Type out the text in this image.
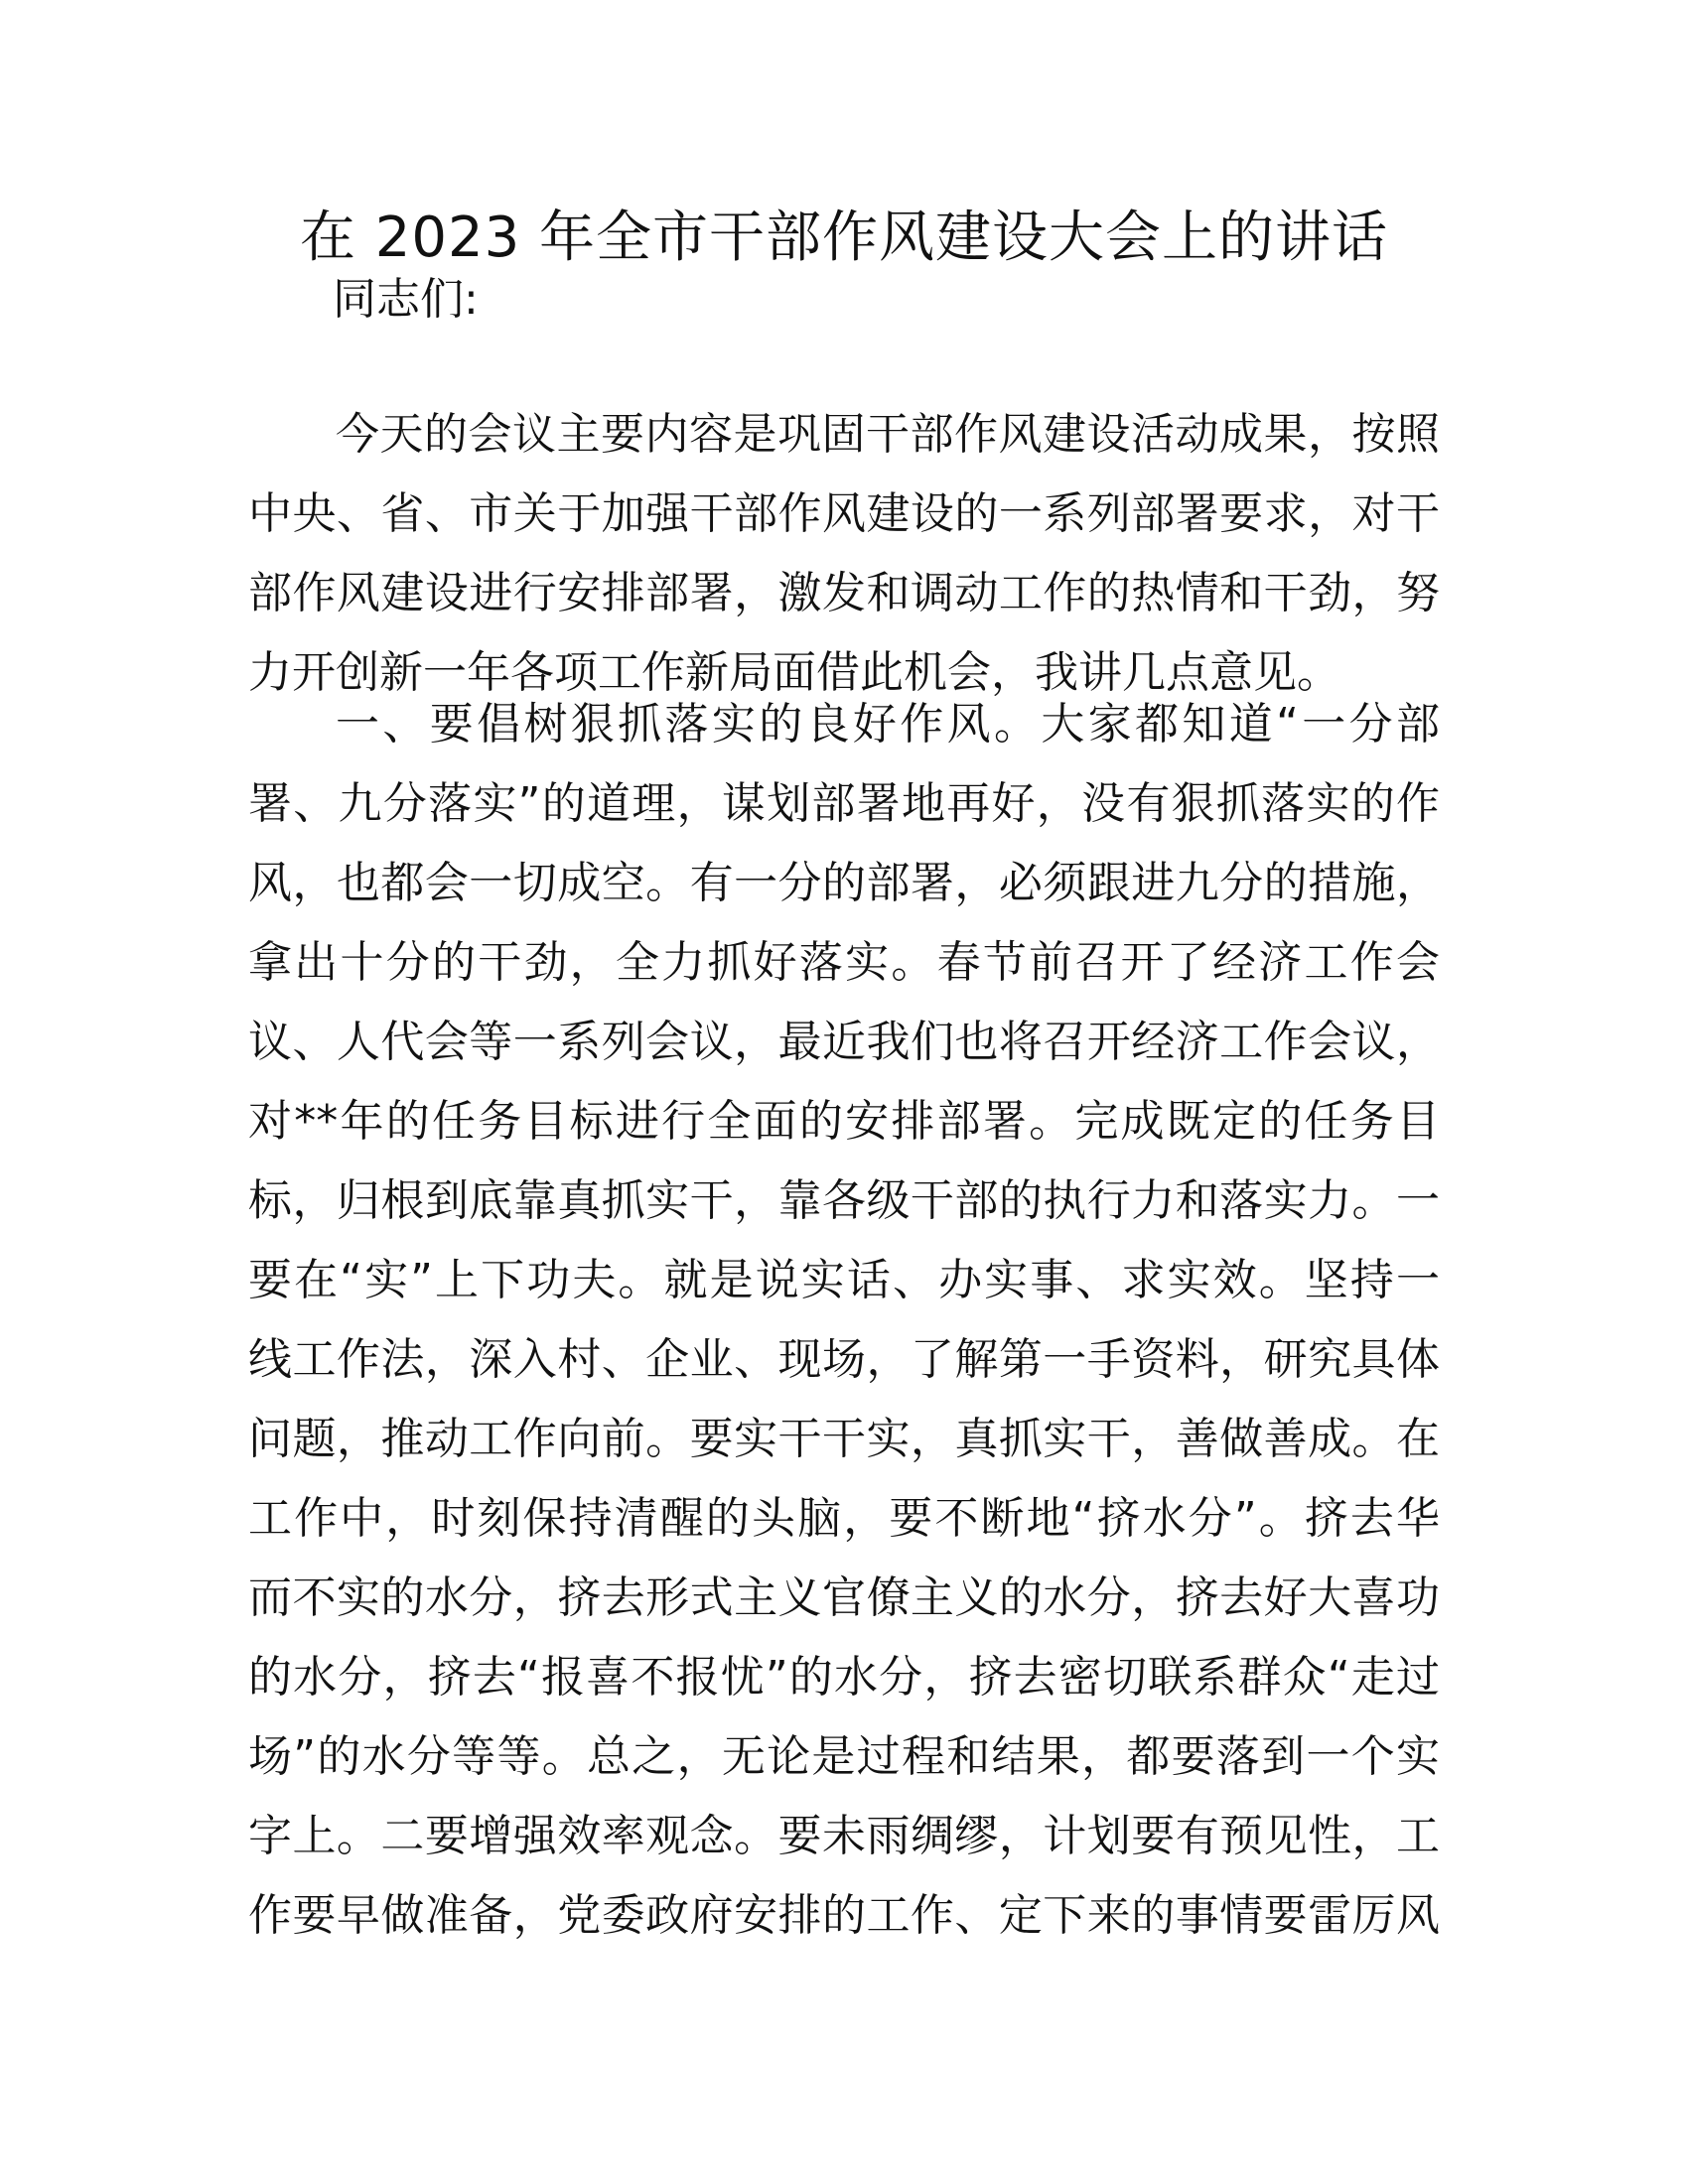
在 2023 年全市干部作风建设大会上的讲话

同志们:

今天的会议主要内容是巩固干部作风建设活动成果，按照
中央、省、市关于加强干部作风建设的一系列部署要求，对干
部作风建设进行安排部署，激发和调动工作的热情和干劲，努
力开创新一年各项工作新局面借此机会，我讲几点意见。
一、要倡树狠抓落实的良好作风。大家都知道“一分部
署、九分落实”的道理，谋划部署地再好，没有狠抓落实的作
风，也都会一切成空。有一分的部署，必须跟进九分的措施，
拿出十分的干劲，全力抓好落实。春节前召开了经济工作会
议、人代会等一系列会议，最近我们也将召开经济工作会议，
对**年的任务目标进行全面的安排部署。完成既定的任务目
标，归根到底靠真抓实干，靠各级干部的执行力和落实力。一
要在“实”上下功夫。就是说实话、办实事、求实效。坚持一
线工作法，深入村、企业、现场，了解第一手资料，研究具体
问题，推动工作向前。要实干干实，真抓实干，善做善成。在
工作中，时刻保持清醒的头脑，要不断地“挤水分”。挤去华
而不实的水分，挤去形式主义官僚主义的水分，挤去好大喜功
的水分，挤去“报喜不报忧”的水分，挤去密切联系群众“走过
场”的水分等等。总之，无论是过程和结果，都要落到一个实
字上。二要增强效率观念。要未雨绸缪，计划要有预见性，工
作要早做准备，党委政府安排的工作、定下来的事情要雷厉风
